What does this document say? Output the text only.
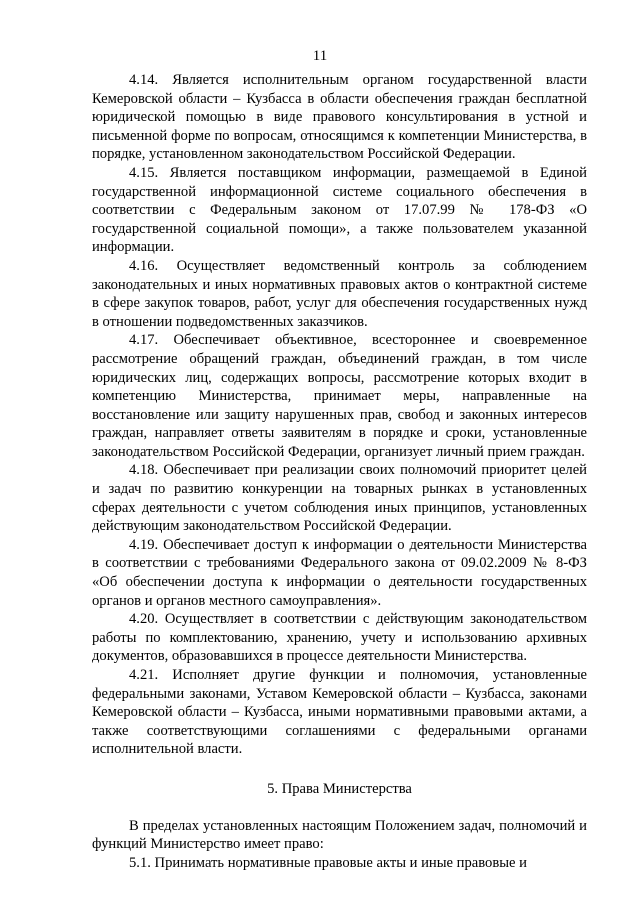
11

4.14. Является исполнительным органом государственной власти Кемеровской области – Кузбасса в области обеспечения граждан бесплатной юридической помощью в виде правового консультирования в устной и письменной форме по вопросам, относящимся к компетенции Министерства, в порядке, установленном законодательством Российской Федерации.

4.15. Является поставщиком информации, размещаемой в Единой государственной информационной системе социального обеспечения в соответствии с Федеральным законом от 17.07.99 № 178-ФЗ «О государственной социальной помощи», а также пользователем указанной информации.

4.16. Осуществляет ведомственный контроль за соблюдением законодательных и иных нормативных правовых актов о контрактной системе в сфере закупок товаров, работ, услуг для обеспечения государственных нужд в отношении подведомственных заказчиков.

4.17. Обеспечивает объективное, всестороннее и своевременное рассмотрение обращений граждан, объединений граждан, в том числе юридических лиц, содержащих вопросы, рассмотрение которых входит в компетенцию Министерства, принимает меры, направленные на восстановление или защиту нарушенных прав, свобод и законных интересов граждан, направляет ответы заявителям в порядке и сроки, установленные законодательством Российской Федерации, организует личный прием граждан.

4.18. Обеспечивает при реализации своих полномочий приоритет целей и задач по развитию конкуренции на товарных рынках в установленных сферах деятельности с учетом соблюдения иных принципов, установленных действующим законодательством Российской Федерации.

4.19. Обеспечивает доступ к информации о деятельности Министерства в соответствии с требованиями Федерального закона от 09.02.2009 № 8-ФЗ «Об обеспечении доступа к информации о деятельности государственных органов и органов местного самоуправления».

4.20. Осуществляет в соответствии с действующим законодательством работы по комплектованию, хранению, учету и использованию архивных документов, образовавшихся в процессе деятельности Министерства.

4.21. Исполняет другие функции и полномочия, установленные федеральными законами, Уставом Кемеровской области – Кузбасса, законами Кемеровской области – Кузбасса, иными нормативными правовыми актами, а также соответствующими соглашениями с федеральными органами исполнительной власти.

5. Права Министерства

В пределах установленных настоящим Положением задач, полномочий и функций Министерство имеет право:

5.1. Принимать нормативные правовые акты и иные правовые и
